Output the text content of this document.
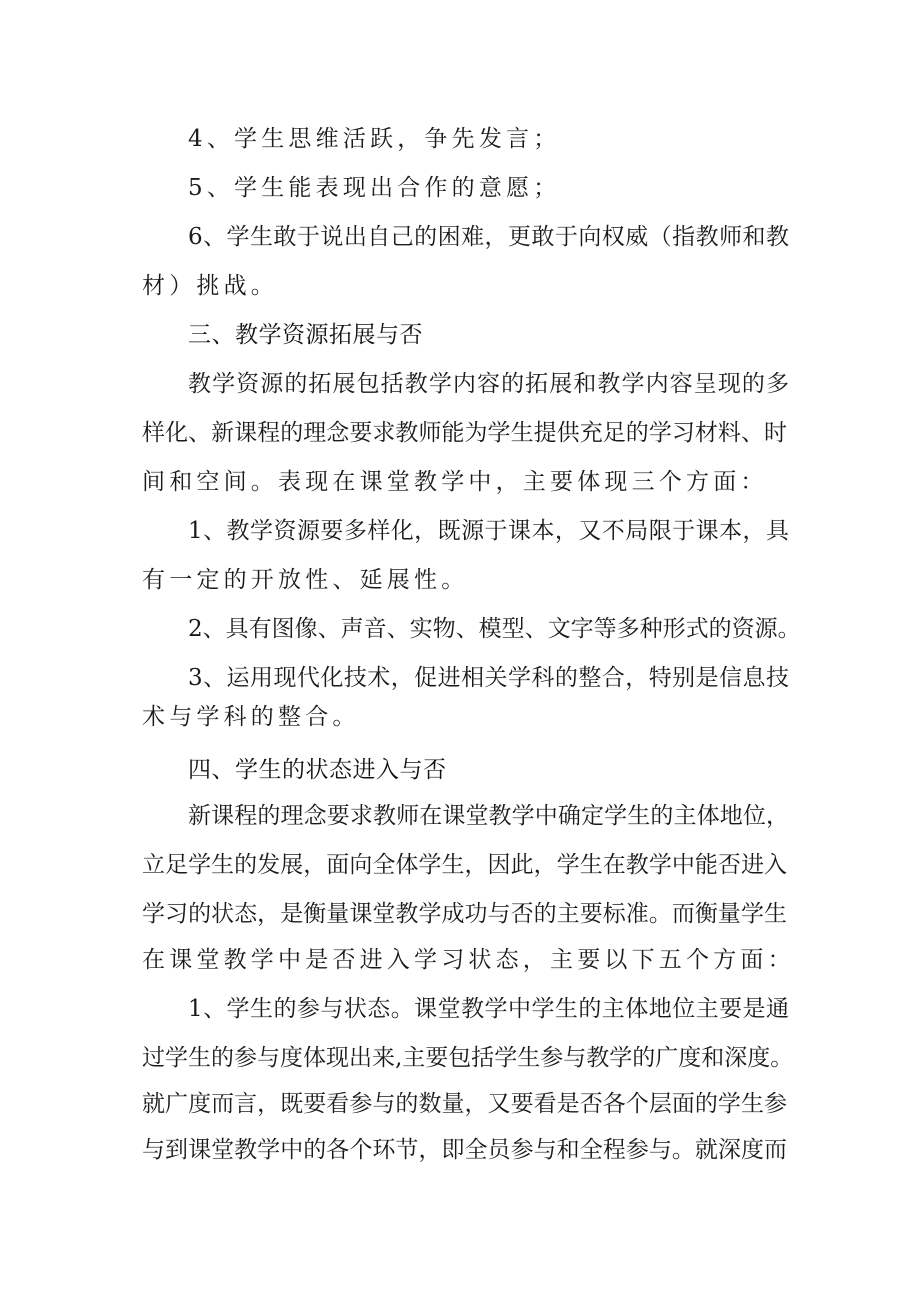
4、学生思维活跃，争先发言；
5、学生能表现出合作的意愿；
6、学生敢于说出自己的困难，更敢于向权威（指教师和教
材）挑战。
三、教学资源拓展与否
教学资源的拓展包括教学内容的拓展和教学内容呈现的多
样化、新课程的理念要求教师能为学生提供充足的学习材料、时
间和空间。表现在课堂教学中，主要体现三个方面：
1、教学资源要多样化，既源于课本，又不局限于课本，具
有一定的开放性、延展性。
2、具有图像、声音、实物、模型、文字等多种形式的资源。
3、运用现代化技术，促进相关学科的整合，特别是信息技
术与学科的整合。
四、学生的状态进入与否
新课程的理念要求教师在课堂教学中确定学生的主体地位，
立足学生的发展，面向全体学生，因此，学生在教学中能否进入
学习的状态，是衡量课堂教学成功与否的主要标准。而衡量学生
在课堂教学中是否进入学习状态，主要以下五个方面：
1、学生的参与状态。课堂教学中学生的主体地位主要是通
过学生的参与度体现出来,主要包括学生参与教学的广度和深度。
就广度而言，既要看参与的数量，又要看是否各个层面的学生参
与到课堂教学中的各个环节，即全员参与和全程参与。就深度而
